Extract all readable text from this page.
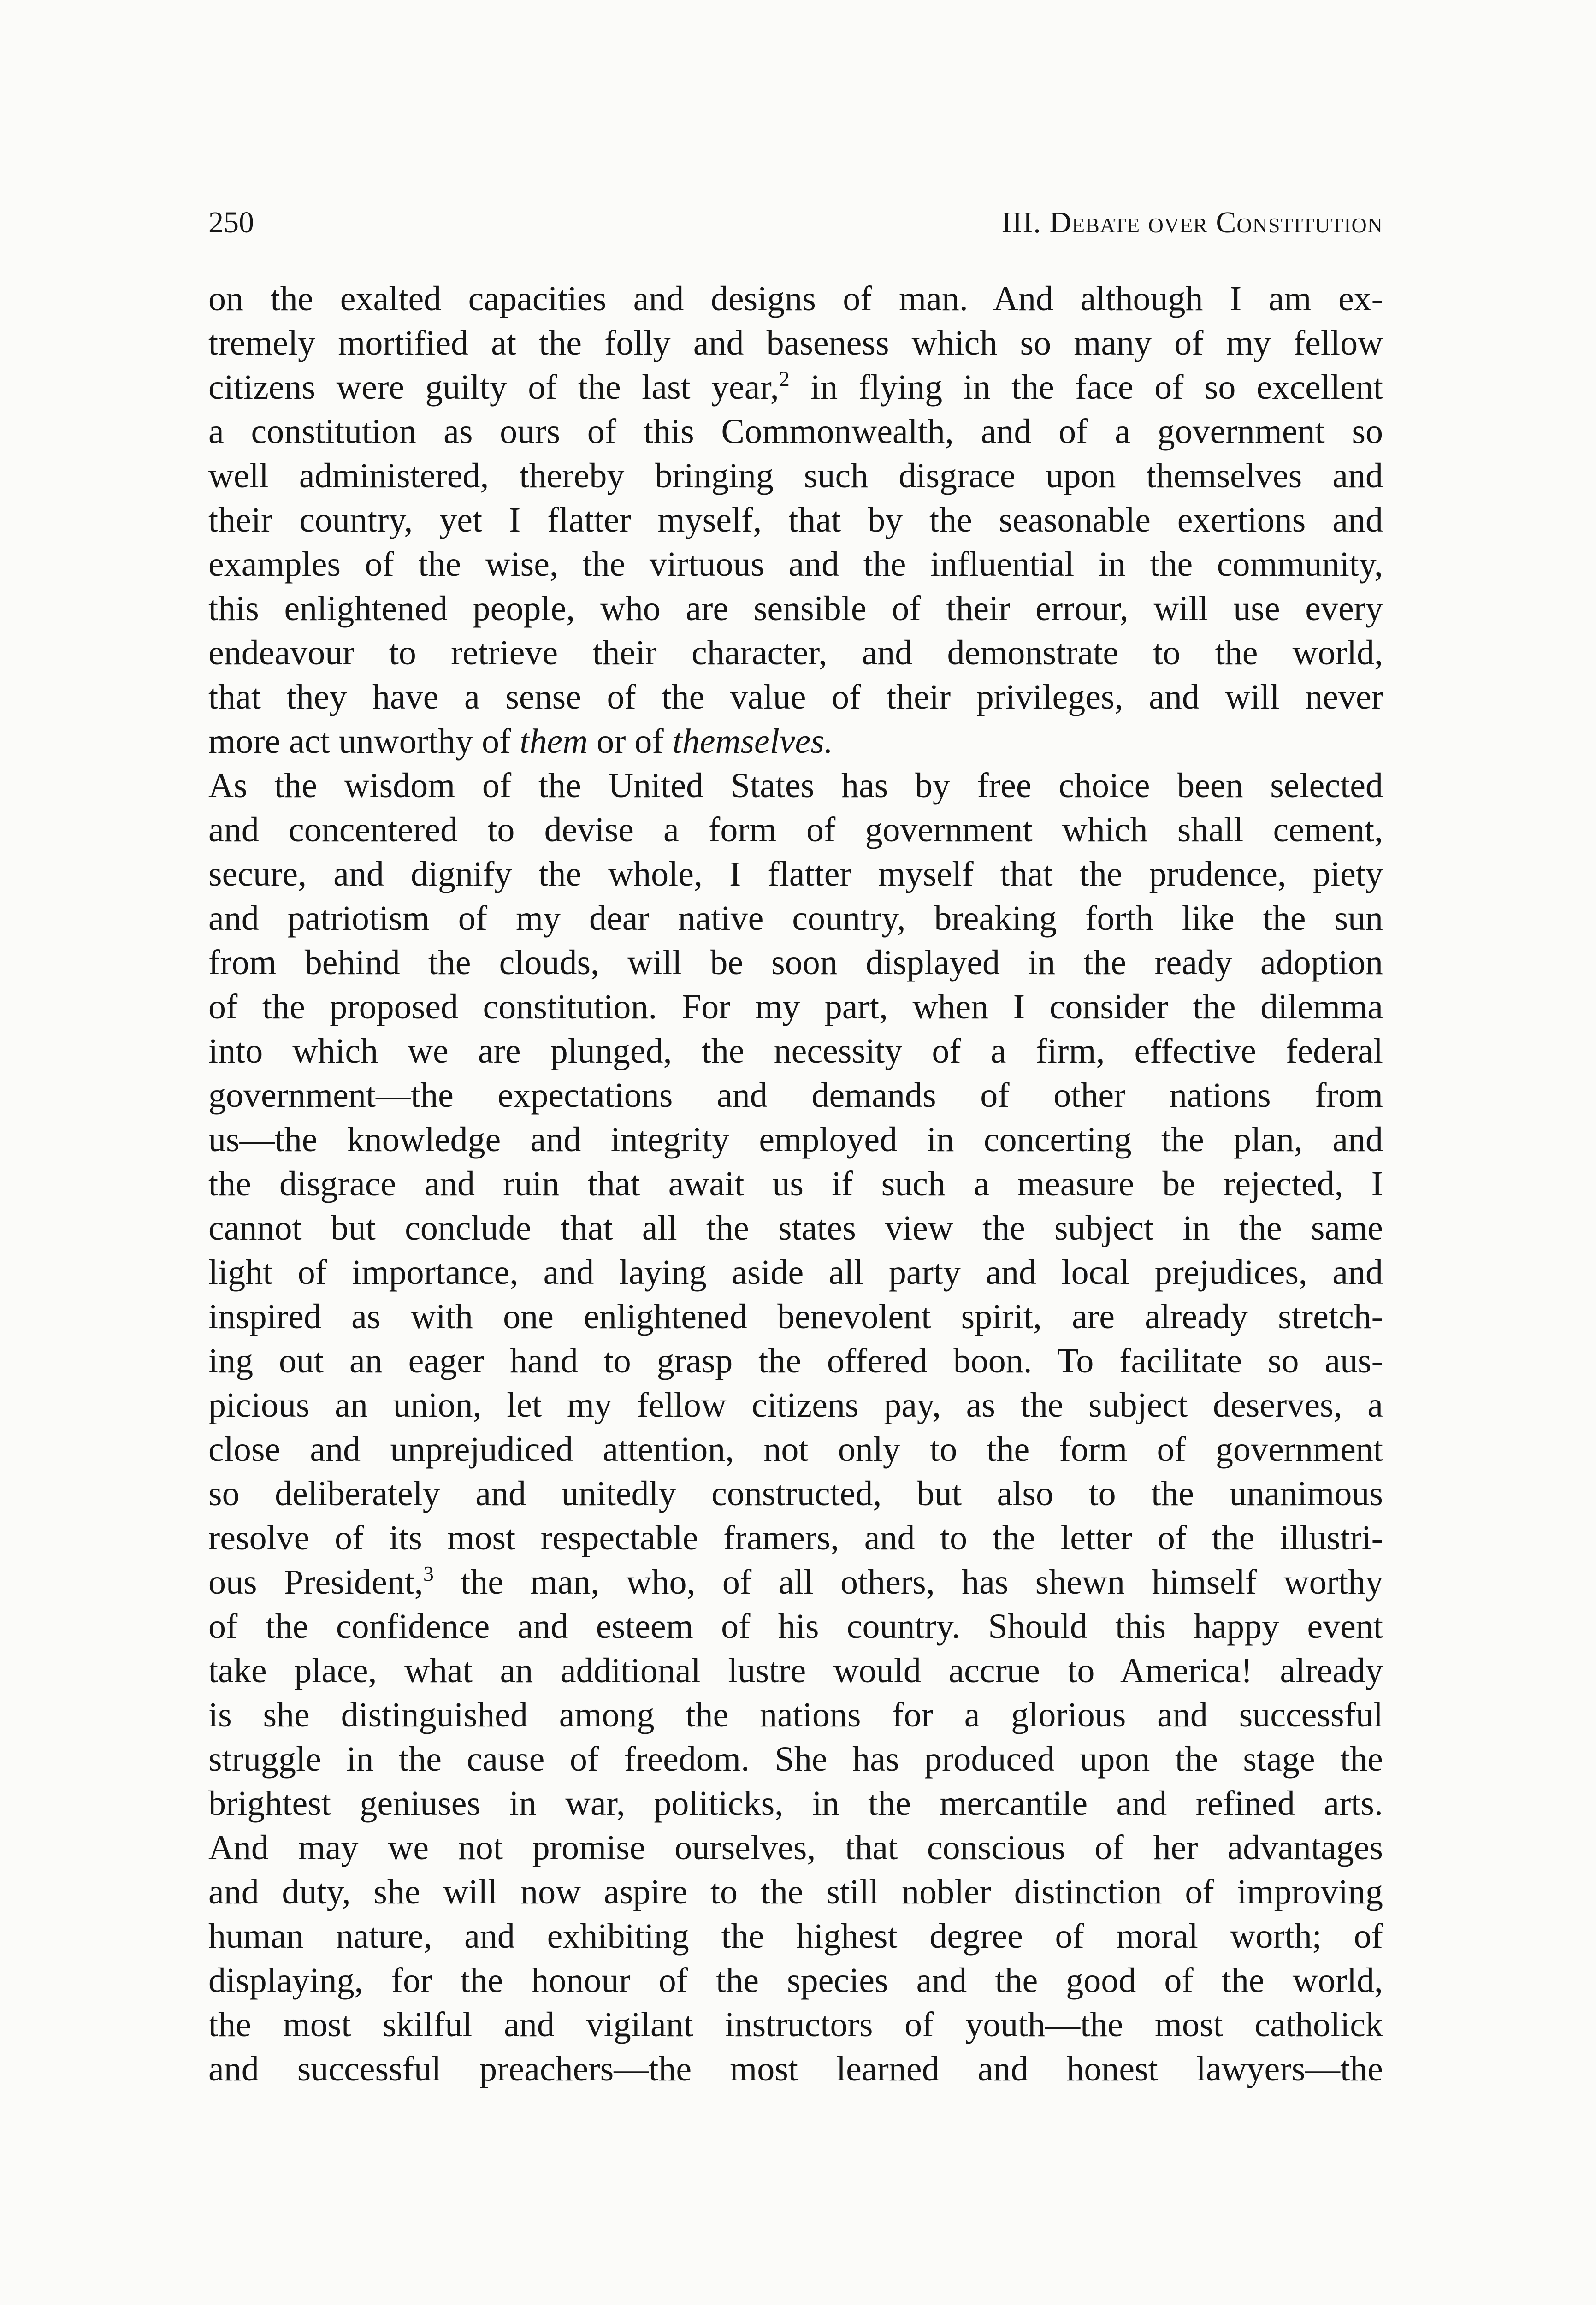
250	III. Debate over Constitution
on the exalted capacities and designs of man. And although I am ex-
tremely mortified at the folly and baseness which so many of my fellow
citizens were guilty of the last year,$^2$ in flying in the face of so excellent
a constitution as ours of this Commonwealth, and of a government so
well administered, thereby bringing such disgrace upon themselves and
their country, yet I flatter myself, that by the seasonable exertions and
examples of the wise, the virtuous and the influential in the community,
this enlightened people, who are sensible of their errour, will use every
endeavour to retrieve their character, and demonstrate to the world,
that they have a sense of the value of their privileges, and will never
more act unworthy of them or of themselves.
As the wisdom of the United States has by free choice been selected
and concentered to devise a form of government which shall cement,
secure, and dignify the whole, I flatter myself that the prudence, piety
and patriotism of my dear native country, breaking forth like the sun
from behind the clouds, will be soon displayed in the ready adoption
of the proposed constitution. For my part, when I consider the dilemma
into which we are plunged, the necessity of a firm, effective federal
government—the expectations and demands of other nations from
us—the knowledge and integrity employed in concerting the plan, and
the disgrace and ruin that await us if such a measure be rejected, I
cannot but conclude that all the states view the subject in the same
light of importance, and laying aside all party and local prejudices, and
inspired as with one enlightened benevolent spirit, are already stretch-
ing out an eager hand to grasp the offered boon. To facilitate so aus-
picious an union, let my fellow citizens pay, as the subject deserves, a
close and unprejudiced attention, not only to the form of government
so deliberately and unitedly constructed, but also to the unanimous
resolve of its most respectable framers, and to the letter of the illustri-
ous President,$^3$ the man, who, of all others, has shewn himself worthy
of the confidence and esteem of his country. Should this happy event
take place, what an additional lustre would accrue to America! already
is she distinguished among the nations for a glorious and successful
struggle in the cause of freedom. She has produced upon the stage the
brightest geniuses in war, politicks, in the mercantile and refined arts.
And may we not promise ourselves, that conscious of her advantages
and duty, she will now aspire to the still nobler distinction of improving
human nature, and exhibiting the highest degree of moral worth; of
displaying, for the honour of the species and the good of the world,
the most skilful and vigilant instructors of youth—the most catholick
and successful preachers—the most learned and honest lawyers—the
